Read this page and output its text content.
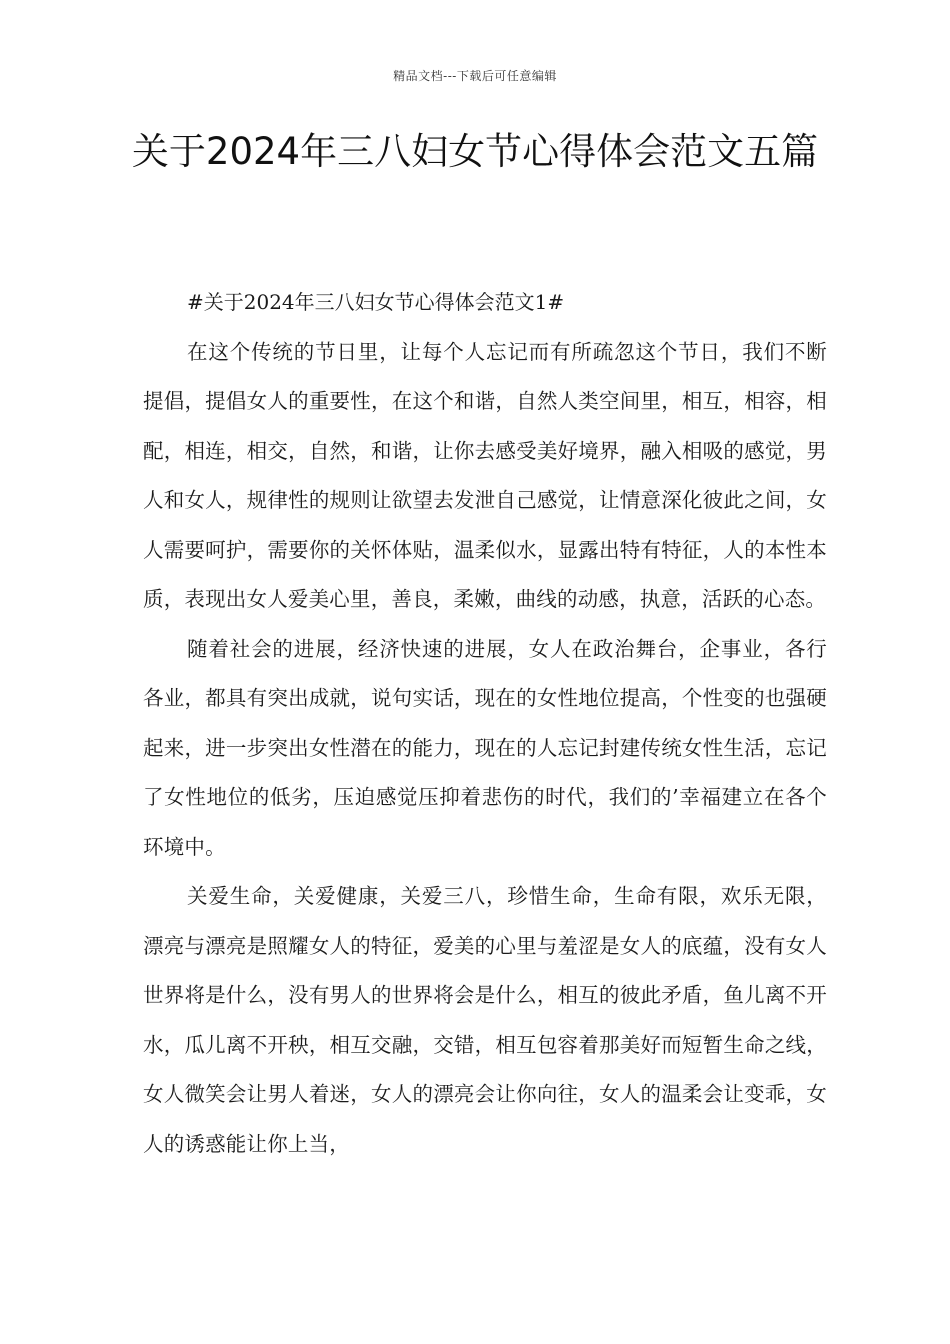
精品文档---下载后可任意编辑
关于2024年三八妇女节心得体会范文五篇
#关于2024年三八妇女节心得体会范文1#

在这个传统的节日里，让每个人忘记而有所疏忽这个节日，我们不断提倡，提倡女人的重要性，在这个和谐，自然人类空间里，相互，相容，相配，相连，相交，自然，和谐，让你去感受美好境界，融入相吸的感觉，男人和女人，规律性的规则让欲望去发泄自己感觉，让情意深化彼此之间，女人需要呵护，需要你的关怀体贴，温柔似水，显露出特有特征，人的本性本质，表现出女人爱美心里，善良，柔嫩，曲线的动感，执意，活跃的心态。

随着社会的进展，经济快速的进展，女人在政治舞台，企事业，各行各业，都具有突出成就，说句实话，现在的女性地位提高，个性变的也强硬起来，进一步突出女性潜在的能力，现在的人忘记封建传统女性生活，忘记了女性地位的低劣，压迫感觉压抑着悲伤的时代，我们的’幸福建立在各个环境中。

关爱生命，关爱健康，关爱三八，珍惜生命，生命有限，欢乐无限，漂亮与漂亮是照耀女人的特征，爱美的心里与羞涩是女人的底蕴，没有女人世界将是什么，没有男人的世界将会是什么，相互的彼此矛盾，鱼儿离不开水，瓜儿离不开秧，相互交融，交错，相互包容着那美好而短暂生命之线，女人微笑会让男人着迷，女人的漂亮会让你向往，女人的温柔会让变乖，女人的诱惑能让你上当，
